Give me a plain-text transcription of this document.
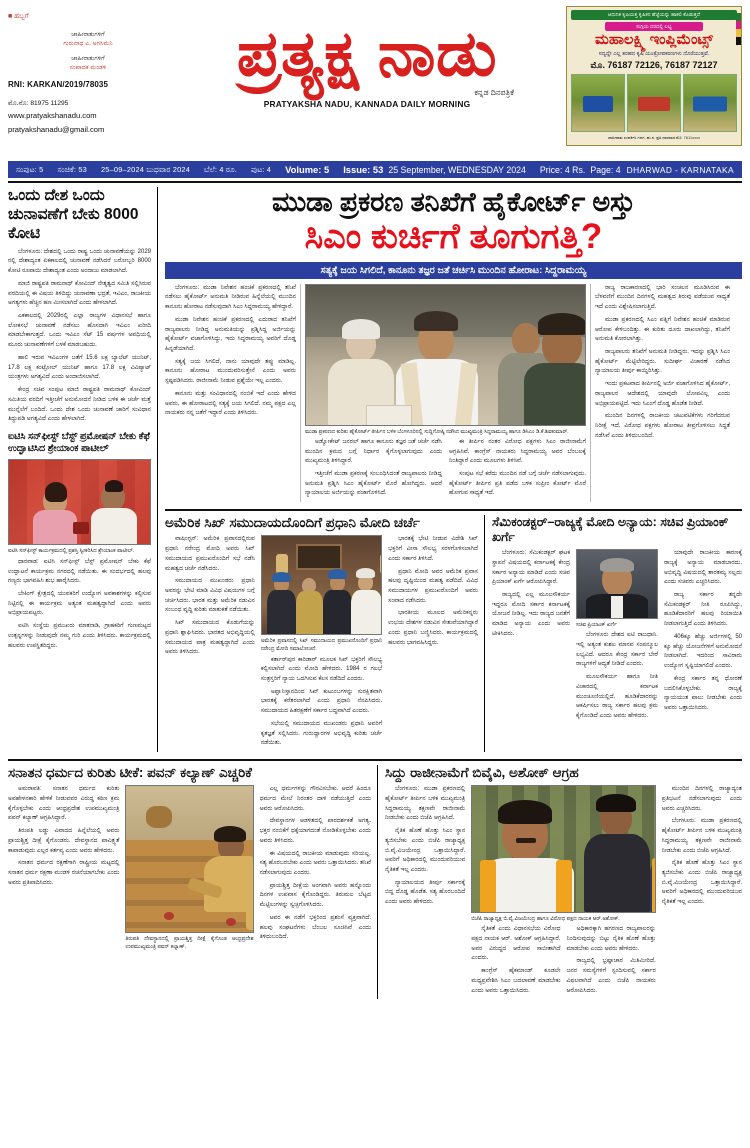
■ ಹಬ್ಬಗೆ
ಜಾಹೀರಾತುಗಳಿಗೆ
ಗುರುನಾಥ ಎ. ಅಗಸಿಮನಿ
ಜಾಹೀರಾತುಗಳಿಗೆ
ಸಂಪಾದಕ ಮಂಡಳಿ
RNI: KARKAN/2019/78035
ಮೊ.ನೊ: 81975 11295
www.pratyakshanadu.com
pratyakshanadu@gmail.com
ಪ್ರತ್ಯಕ್ಷ ನಾಡು
ಕನ್ನಡ ದಿನಪತ್ರಿಕೆ
PRATYAKSHA NADU, KANNADA DAILY MORNING
ಆಧುನಿಕ ಕೃಷಿಯತ್ತ ಕೃಷಿಕನ ಹೆಜ್ಜೆಯನ್ನು ಹಾಕಲಿ ಕೊಡುತ್ತದೆ
ಸುಗ್ಗಿಯ ದರದಲ್ಲಿ ಲಭ್ಯ
ಮಹಾಲಕ್ಷ್ಮಿ ಇಂಪ್ಲಿಮೆಂಟ್ಸ್
ಸದ್ಯದ್ದೇ ಎಲ್ಲ ತರಹದ ಕೃಷಿ ಯಂತ್ರೋಪಕರಣಗಳು ದೊರೆಯುತ್ತವೆ.
ಮೊ. 76187 72126, 76187 72127
ಜಾಹೀರಾತು ಸಂಪರ್ಕಿಸಿ ಗದಗ, ಹು.ನ. ಪ್ರತಿ ಧಾರವಾಡ ಮೊ: 7611xxxx
ಸಂಪುಟ: 5 ಸಂಚಿಕೆ: 53 25–09–2024 ಬುಧವಾರ 2024 ಬೆಲೆ: 4 ರೂ. ಪುಟ: 4 Volume: 5 Issue: 53 25 September, WEDNESDAY 2024 Price: 4 Rs. Page: 4 DHARWAD - KARNATAKA
ಒಂದು ದೇಶ ಒಂದು ಚುನಾವಣೆಗೆ ಬೇಕು 8000 ಕೋಟಿ

ಬೆಂಗಳೂರು: ದೇಶದಲ್ಲಿ ಒಂದು ರಾಷ್ಟ್ರ ಒಂದು ಚುನಾವಣೆಯನ್ನು 2029 ರಲ್ಲಿ ದೇಶಾದ್ಯಂತ ಏಕಕಾಲದಲ್ಲಿ ಚುನಾವಣೆ ನಡೆಸಿದರೆ ಬರೋಬ್ಬರಿ 8000 ಕೋಟಿ ರೂಪಾಯಿ ದೇಶಾದ್ಯಂತ ಎಂದು ಅಂದಾಜು ಮಾಡಲಾಗಿದೆ.

ಮಾಜಿ ರಾಷ್ಟ್ರಪತಿ ರಾಮನಾಥ್ ಕೋವಿಂದ್ ನೇತೃತ್ವದ ಸಮಿತಿ ಸಲ್ಲಿಸಿರುವ ವರದಿಯಲ್ಲಿ ಈ ವಿಷಯ ತಿಳಿದಿದ್ದು ಚುನಾವಣಾ ಭದ್ರತೆ, ಇವಿಎಂ, ರಾಜಕೀಯ ಅಗತ್ಯಗಳು ಹೆಚ್ಚಿನ ಹಣ ಮೀಸಲಾಗಿದೆ ಎಂದು ಹೇಳಲಾಗಿದೆ.

ಎಕಕಾಲದಲ್ಲಿ 2029ರಲ್ಲಿ ಎಲ್ಲಾ ರಾಜ್ಯಗಳ ವಿಧಾನಸಭೆ ಹಾಗೂ ಲೋಕಸಭೆ ಚುನಾವಣೆ ನಡೆಸಲು ಹೊಸದಾಗಿ ಇವಿಎಂ ಖರೀದಿ ಮಾಡಬೇಕಾಗುತ್ತದೆ. ಒಂದು ಇವಿಎಂ ಸೆಟ್ 15 ವರ್ಷಗಳ ಅವಧಿಯಲ್ಲಿ ಮೂರು ಚುನಾವಣೆಗಳಿಗೆ ಬಳಕೆ ಮಾಡಬಹುದು.

ಹಾಲಿ ಇರುವ ಇವಿಎಂಗಳ ಜತೆಗೆ 15.6 ಲಕ್ಷ ಬ್ಯಾಲೆಟ್ ಯುನಿಟ್, 17.8 ಲಕ್ಷ ಕಂಟ್ರೋಲ್ ಯುನಿಟ್ ಹಾಗೂ 17.8 ಲಕ್ಷ ವಿವಿಪ್ಯಾಟ್ ಯಂತ್ರಗಳು ಅಗತ್ಯವಿದೆ ಎಂದು ಅಂದಾಜಿಸಲಾಗಿದೆ.

ಕೇಂದ್ರ ಸಚಿವ ಸಂಪುಟ ಮಾಜಿ ರಾಷ್ಟ್ರಪತಿ ರಾಮನಾಥ್ ಕೋವಿಂದ್ ಸಮಿತಿಯ ವರದಿಗೆ ಇತ್ತೀಚೆಗೆ ಅನುಮೋದನೆ ನೀಡಿದ ಬಳಿಕ ಈ ಚರ್ಚೆ ಮತ್ತೆ ಮುನ್ನೆಲೆಗೆ ಬಂದಿದೆ. ಒಂದು ದೇಶ ಒಂದು ಚುನಾವಣೆ ಜಾರಿಗೆ ಸಂವಿಧಾನ ತಿದ್ದುಪಡಿ ಅಗತ್ಯವಿದೆ ಎಂದು ಹೇಳಲಾಗಿದೆ.

ಐಟಿಸಿ ಸನ್‌ಫೀಸ್ಟ್ ಬೆಸ್ಟ್ ಪ್ರಮೋಷನ್ ಬೇಕು ಕೆಫೆ ಉದ್ಘಾಟಿಸಿದ ಶ್ರೇಯಾಂಕ ಪಾಟೀಲ್
ಐಟಿಸಿ ಸನ್‌ಫೀಸ್ಟ್ ಕಾರ್ಯಕ್ರಮದಲ್ಲಿ ಪ್ರಶಸ್ತಿ ಸ್ವೀಕರಿಸಿದ ಶ್ರೇಯಾಂಕ ಪಾಟೀಲ್.

ಧಾರವಾಡ: ಐಟಿಸಿ ಸನ್‌ಫೀಸ್ಟ್ ಬೆಸ್ಟ್ ಪ್ರಮೋಷನ್ ಬೇಕು ಕೆಫೆ ಉದ್ಘಾಟನೆ ಕಾರ್ಯಕ್ರಮ ನಗರದಲ್ಲಿ ನಡೆಯಿತು. ಈ ಸಂದರ್ಭದಲ್ಲಿ ಹಲವು ಗಣ್ಯರು ಭಾಗವಹಿಸಿ ಶುಭ ಹಾರೈಸಿದರು.

ಬೇಕಿಂಗ್ ಕ್ಷೇತ್ರದಲ್ಲಿ ಯುವಕರಿಗೆ ಉದ್ಯೋಗ ಅವಕಾಶಗಳನ್ನು ಕಲ್ಪಿಸುವ ನಿಟ್ಟಿನಲ್ಲಿ ಈ ಕಾರ್ಯಕ್ರಮ ಅತ್ಯಂತ ಮಹತ್ವದ್ದಾಗಿದೆ ಎಂದು ಅವರು ಅಭಿಪ್ರಾಯಪಟ್ಟರು.

ಐಟಿಸಿ ಸಂಸ್ಥೆಯ ಪ್ರಮುಖರು ಮಾತನಾಡಿ, ಗ್ರಾಹಕರಿಗೆ ಗುಣಮಟ್ಟದ ಉತ್ಪನ್ನಗಳನ್ನು ನೀಡುವುದೇ ನಮ್ಮ ಗುರಿ ಎಂದು ತಿಳಿಸಿದರು. ಕಾರ್ಯಕ್ರಮದಲ್ಲಿ ಹಲವರು ಉಪಸ್ಥಿತರಿದ್ದರು.

ಮುಡಾ ಪ್ರಕರಣ ತನಿಖೆಗೆ ಹೈಕೋರ್ಟ್ ಅಸ್ತು
ಸಿಎಂ ಕುರ್ಚಿಗೆ ತೂಗುಗತ್ತಿ?
ಸತ್ಯಕ್ಕೆ ಜಯ ಸಿಗಲಿದೆ, ಕಾನೂನು ತಜ್ಞರ ಜತೆ ಚರ್ಚಿಸಿ ಮುಂದಿನ ಹೋರಾಟ: ಸಿದ್ದರಾಮಯ್ಯ

ಬೆಂಗಳೂರು: ಮುಡಾ ನಿವೇಶನ ಹಂಚಿಕೆ ಪ್ರಕರಣದಲ್ಲಿ ತನಿಖೆ ನಡೆಸಲು ಹೈಕೋರ್ಟ್ ಅನುಮತಿ ನೀಡಿರುವ ಹಿನ್ನೆಲೆಯಲ್ಲಿ ಮುಂದಿನ ಕಾನೂನು ಹೋರಾಟ ನಡೆಸುವುದಾಗಿ ಸಿಎಂ ಸಿದ್ದರಾಮಯ್ಯ ಹೇಳಿದ್ದಾರೆ.

ಮುಡಾ ನಿವೇಶನ ಹಂಚಿಕೆ ಪ್ರಕರಣದಲ್ಲಿ ಎದುರಾದ ತನಿಖೆಗೆ ರಾಜ್ಯಪಾಲರು ನೀಡಿದ್ದ ಅನುಮತಿಯನ್ನು ಪ್ರಶ್ನಿಸಿದ್ದ ಅರ್ಜಿಯನ್ನು ಹೈಕೋರ್ಟ್ ವಜಾಗೊಳಿಸಿದ್ದು, ಇದು ಸಿದ್ದರಾಮಯ್ಯ ಅವರಿಗೆ ದೊಡ್ಡ ಹಿನ್ನಡೆಯಾಗಿದೆ.

ಸತ್ಯಕ್ಕೆ ಜಯ ಸಿಗಲಿದೆ, ನಾನು ಯಾವುದೇ ತಪ್ಪು ಮಾಡಿಲ್ಲ. ಕಾನೂನು ಹೋರಾಟ ಮುಂದುವರಿಸುತ್ತೇನೆ ಎಂದು ಅವರು ಸ್ಪಷ್ಟಪಡಿಸಿದರು. ರಾಜೀನಾಮೆ ನೀಡುವ ಪ್ರಶ್ನೆಯೇ ಇಲ್ಲ ಎಂದರು.

ಕಾನೂನು ಮತ್ತು ಸಂವಿಧಾನದಲ್ಲಿ ನಂಬಿಕೆ ಇದೆ ಎಂದು ಹೇಳಿದ ಅವರು, ಈ ಹೋರಾಟದಲ್ಲಿ ಸತ್ಯಕ್ಕೆ ಜಯ ಸಿಗಲಿದೆ. ನಮ್ಮ ಪಕ್ಷದ ಎಲ್ಲ ನಾಯಕರು ನನ್ನ ಜತೆಗೆ ಇದ್ದಾರೆ ಎಂದು ತಿಳಿಸಿದರು.

ಮುಡಾ ಪ್ರಕರಣದ ಕುರಿತು ಹೈಕೋರ್ಟ್ ತೀರ್ಪಿನ ಬಳಿಕ ಬೆಂಗಳೂರಿನಲ್ಲಿ ಸುದ್ದಿಗೋಷ್ಠಿ ನಡೆಸಿದ ಮುಖ್ಯಮಂತ್ರಿ ಸಿದ್ದರಾಮಯ್ಯ ಹಾಗೂ ಡಿಸಿಎಂ ಡಿ.ಕೆ.ಶಿವಕುಮಾರ್.

ಅಡ್ವೋಕೇಟ್ ಜನರಲ್ ಹಾಗೂ ಕಾನೂನು ತಜ್ಞರ ಜತೆ ಚರ್ಚೆ ನಡೆಸಿ ಮುಂದಿನ ಕ್ರಮದ ಬಗ್ಗೆ ನಿರ್ಧಾರ ಕೈಗೊಳ್ಳಲಾಗುವುದು ಎಂದು ಮುಖ್ಯಮಂತ್ರಿ ತಿಳಿಸಿದ್ದಾರೆ.

ಇತ್ತೀಚೆಗೆ ಮುಡಾ ಪ್ರಕರಣಕ್ಕೆ ಸಂಬಂಧಿಸಿದಂತೆ ರಾಜ್ಯಪಾಲರು ನೀಡಿದ್ದ ಅನುಮತಿ ಪ್ರಶ್ನಿಸಿ ಸಿಎಂ ಹೈಕೋರ್ಟ್ ಮೊರೆ ಹೋಗಿದ್ದರು. ಆದರೆ ನ್ಯಾಯಾಲಯ ಅರ್ಜಿಯನ್ನು ವಜಾಗೊಳಿಸಿದೆ.

ಈ ತೀರ್ಪಿನ ನಂತರ ವಿರೋಧ ಪಕ್ಷಗಳು ಸಿಎಂ ರಾಜೀನಾಮೆಗೆ ಆಗ್ರಹಿಸಿವೆ. ಕಾಂಗ್ರೆಸ್ ನಾಯಕರು ಸಿದ್ದರಾಮಯ್ಯ ಅವರ ಬೆಂಬಲಕ್ಕೆ ನಿಂತಿದ್ದಾರೆ ಎಂದು ಮೂಲಗಳು ತಿಳಿಸಿವೆ.

ಸಂಪುಟ ಸಭೆ ಕರೆದು ಮುಂದಿನ ನಡೆ ಬಗ್ಗೆ ಚರ್ಚೆ ನಡೆಸಲಾಗುವುದು. ಹೈಕೋರ್ಟ್ ತೀರ್ಪಿನ ಪ್ರತಿ ಪಡೆದ ಬಳಿಕ ಸುಪ್ರೀಂ ಕೋರ್ಟ್ ಮೊರೆ ಹೋಗುವ ಸಾಧ್ಯತೆ ಇದೆ.

ರಾಜ್ಯ ರಾಜಕಾರಣದಲ್ಲಿ ಭಾರಿ ಸಂಚಲನ ಮೂಡಿಸಿರುವ ಈ ಬೆಳವಣಿಗೆ ಮುಂದಿನ ದಿನಗಳಲ್ಲಿ ಮಹತ್ವದ ತಿರುವು ಪಡೆಯುವ ಸಾಧ್ಯತೆ ಇದೆ ಎಂದು ವಿಶ್ಲೇಷಿಸಲಾಗುತ್ತಿದೆ.

ಮುಡಾ ಪ್ರಕರಣದಲ್ಲಿ ಸಿಎಂ ಪತ್ನಿಗೆ ನಿವೇಶನ ಹಂಚಿಕೆ ಮಾಡಿರುವ ಆರೋಪ ಕೇಳಿಬಂದಿತ್ತು. ಈ ಕುರಿತು ದೂರು ದಾಖಲಾಗಿದ್ದು, ತನಿಖೆಗೆ ಅನುಮತಿ ಕೋರಲಾಗಿತ್ತು.

ರಾಜ್ಯಪಾಲರು ತನಿಖೆಗೆ ಅನುಮತಿ ನೀಡಿದ್ದರು. ಇದನ್ನು ಪ್ರಶ್ನಿಸಿ ಸಿಎಂ ಹೈಕೋರ್ಟ್ ಮೆಟ್ಟಿಲೇರಿದ್ದರು. ಸುದೀರ್ಘ ವಿಚಾರಣೆ ನಡೆಸಿದ ನ್ಯಾಯಾಲಯ ತೀರ್ಪು ಕಾಯ್ದಿರಿಸಿತ್ತು.

ಇಂದು ಪ್ರಕಟವಾದ ತೀರ್ಪಿನಲ್ಲಿ ಅರ್ಜಿ ವಜಾಗೊಳಿಸಿದ ಹೈಕೋರ್ಟ್, ರಾಜ್ಯಪಾಲರ ಆದೇಶದಲ್ಲಿ ಯಾವುದೇ ಲೋಪವಿಲ್ಲ ಎಂದು ಅಭಿಪ್ರಾಯಪಟ್ಟಿದೆ. ಇದು ಸಿಎಂಗೆ ದೊಡ್ಡ ಹೊಡೆತ ನೀಡಿದೆ.

ಮುಂದಿನ ದಿನಗಳಲ್ಲಿ ರಾಜಕೀಯ ಚಟುವಟಿಕೆಗಳು ಗರಿಗೆದರುವ ನಿರೀಕ್ಷೆ ಇದೆ. ವಿರೋಧ ಪಕ್ಷಗಳು ಹೋರಾಟ ತೀವ್ರಗೊಳಿಸಲು ಸಿದ್ಧತೆ ನಡೆಸಿವೆ ಎಂದು ತಿಳಿದುಬಂದಿದೆ.

ಅಮೆರಿಕ ಸಿಖ್ ಸಮುದಾಯದೊಂದಿಗೆ ಪ್ರಧಾನಿ ಮೋದಿ ಚರ್ಚೆ

ವಾಷಿಂಗ್ಟನ್: ಅಮೆರಿಕ ಪ್ರವಾಸದಲ್ಲಿರುವ ಪ್ರಧಾನಿ ನರೇಂದ್ರ ಮೋದಿ ಅವರು ಸಿಖ್ ಸಮುದಾಯದ ಪ್ರಮುಖರೊಂದಿಗೆ ಸಭೆ ನಡೆಸಿ ಮಹತ್ವದ ಚರ್ಚೆ ನಡೆಸಿದರು.

ಸಮುದಾಯದ ಮುಖಂಡರು ಪ್ರಧಾನಿ ಅವರನ್ನು ಭೇಟಿ ಮಾಡಿ ವಿವಿಧ ವಿಷಯಗಳ ಬಗ್ಗೆ ಚರ್ಚಿಸಿದರು. ಭಾರತ ಮತ್ತು ಅಮೆರಿಕ ನಡುವಿನ ಸಂಬಂಧ ವೃದ್ಧಿ ಕುರಿತು ಮಾತುಕತೆ ನಡೆಯಿತು.

ಸಿಖ್ ಸಮುದಾಯದ ಕೊಡುಗೆಯನ್ನು ಪ್ರಧಾನಿ ಶ್ಲಾಘಿಸಿದರು. ಭಾರತದ ಅಭಿವೃದ್ಧಿಯಲ್ಲಿ ಸಮುದಾಯದ ಪಾತ್ರ ಮಹತ್ವದ್ದಾಗಿದೆ ಎಂದು ಅವರು ತಿಳಿಸಿದರು.

ಅಮೆರಿಕ ಪ್ರವಾಸದಲ್ಲಿ ಸಿಖ್ ಸಮುದಾಯದ ಪ್ರಮುಖರೊಂದಿಗೆ ಪ್ರಧಾನಿ ನರೇಂದ್ರ ಮೋದಿ ಸಮಾಲೋಚನೆ.

ಕರ್ತಾರ್‌ಪುರ ಕಾರಿಡಾರ್ ಮೂಲಕ ಸಿಖ್ ಭಕ್ತರಿಗೆ ಸೌಲಭ್ಯ ಕಲ್ಪಿಸಲಾಗಿದೆ ಎಂದು ಮೋದಿ ಹೇಳಿದರು. 1984 ರ ಗಲಭೆ ಸಂತ್ರಸ್ತರಿಗೆ ನ್ಯಾಯ ಒದಗಿಸುವ ಕೆಲಸ ನಡೆದಿದೆ ಎಂದರು.

ಅಫ್ಘಾನಿಸ್ತಾನದಿಂದ ಸಿಖ್ ಕುಟುಂಬಗಳನ್ನು ಸುರಕ್ಷಿತವಾಗಿ ಭಾರತಕ್ಕೆ ಕರೆತರಲಾಗಿದೆ ಎಂದು ಪ್ರಧಾನಿ ನೆನಪಿಸಿದರು. ಸಮುದಾಯದ ಹಿತರಕ್ಷಣೆಗೆ ಸರ್ಕಾರ ಬದ್ಧವಾಗಿದೆ ಎಂದರು.

ಸಭೆಯಲ್ಲಿ ಸಮುದಾಯದ ಮುಖಂಡರು ಪ್ರಧಾನಿ ಅವರಿಗೆ ಕೃತಜ್ಞತೆ ಸಲ್ಲಿಸಿದರು. ಗುರುದ್ವಾರಗಳ ಅಭಿವೃದ್ಧಿ ಕುರಿತು ಚರ್ಚೆ ನಡೆಯಿತು.

ಭಾರತಕ್ಕೆ ಭೇಟಿ ನೀಡುವ ವಿದೇಶಿ ಸಿಖ್ ಭಕ್ತರಿಗೆ ವೀಸಾ ಸೌಲಭ್ಯ ಸರಳಗೊಳಿಸಲಾಗಿದೆ ಎಂದು ಸರ್ಕಾರ ತಿಳಿಸಿದೆ.

ಪ್ರಧಾನಿ ಮೋದಿ ಅವರ ಅಮೆರಿಕ ಪ್ರವಾಸ ಹಲವು ದೃಷ್ಟಿಯಿಂದ ಮಹತ್ವ ಪಡೆದಿದೆ. ವಿವಿಧ ಸಮುದಾಯಗಳ ಪ್ರಮುಖರೊಂದಿಗೆ ಅವರು ಸಂವಾದ ನಡೆಸಿದರು.

ಭಾರತೀಯ ಮೂಲದ ಅಮೆರಿಕನ್ನರು ಉಭಯ ದೇಶಗಳ ನಡುವಿನ ಸೇತುವೆಯಾಗಿದ್ದಾರೆ ಎಂದು ಪ್ರಧಾನಿ ಬಣ್ಣಿಸಿದರು. ಕಾರ್ಯಕ್ರಮದಲ್ಲಿ ಹಲವರು ಭಾಗವಹಿಸಿದ್ದರು.

ಸೆಮಿಕಂಡಕ್ಟರ್–ರಾಜ್ಯಕ್ಕೆ ಮೋದಿ ಅನ್ಯಾಯ: ಸಚಿವ ಪ್ರಿಯಾಂಕ್ ಖರ್ಗೆ

ಬೆಂಗಳೂರು: ಸೆಮಿಕಂಡಕ್ಟರ್ ಘಟಕ ಸ್ಥಾಪನೆ ವಿಷಯದಲ್ಲಿ ಕರ್ನಾಟಕಕ್ಕೆ ಕೇಂದ್ರ ಸರ್ಕಾರ ಅನ್ಯಾಯ ಮಾಡಿದೆ ಎಂದು ಸಚಿವ ಪ್ರಿಯಾಂಕ್ ಖರ್ಗೆ ಆರೋಪಿಸಿದ್ದಾರೆ.

ರಾಜ್ಯದಲ್ಲಿ ಎಲ್ಲ ಮೂಲಸೌಕರ್ಯ ಇದ್ದರೂ ಮೋದಿ ಸರ್ಕಾರ ಕರ್ನಾಟಕಕ್ಕೆ ಯೋಜನೆ ನೀಡಿಲ್ಲ. ಇದು ರಾಜ್ಯದ ಜನತೆಗೆ ಮಾಡಿದ ಅನ್ಯಾಯ ಎಂದು ಅವರು ಟೀಕಿಸಿದರು.

ಸಚಿವ ಪ್ರಿಯಾಂಕ್ ಖರ್ಗೆ

ಬೆಂಗಳೂರು ದೇಶದ ಐಟಿ ರಾಜಧಾನಿ. ಇಲ್ಲಿ ಅತ್ಯಂತ ಕುಶಲ ಮಾನವ ಸಂಪನ್ಮೂಲ ಲಭ್ಯವಿದೆ. ಆದರೂ ಕೇಂದ್ರ ಸರ್ಕಾರ ಬೇರೆ ರಾಜ್ಯಗಳಿಗೆ ಆದ್ಯತೆ ನೀಡಿದೆ ಎಂದರು.

ಮೂಲಸೌಕರ್ಯ ಹಾಗೂ ನೀತಿ ವಿಚಾರದಲ್ಲಿ ಕರ್ನಾಟಕ ಮುಂಚೂಣಿಯಲ್ಲಿದೆ. ಹೂಡಿಕೆದಾರರನ್ನು ಆಕರ್ಷಿಸಲು ರಾಜ್ಯ ಸರ್ಕಾರ ಹಲವು ಕ್ರಮ ಕೈಗೊಂಡಿದೆ ಎಂದು ಅವರು ಹೇಳಿದರು.

ಯಾವುದೇ ರಾಜಕೀಯ ಕಾರಣಕ್ಕೆ ರಾಜ್ಯಕ್ಕೆ ಅನ್ಯಾಯ ಮಾಡಬಾರದು. ಅಭಿವೃದ್ಧಿ ವಿಷಯದಲ್ಲಿ ತಾರತಮ್ಯ ಸಲ್ಲದು ಎಂದು ಸಚಿವರು ಎಚ್ಚರಿಸಿದರು.

ರಾಜ್ಯ ಸರ್ಕಾರ ತನ್ನದೇ ಸೆಮಿಕಂಡಕ್ಟರ್ ನೀತಿ ರೂಪಿಸಿದ್ದು, ಹೂಡಿಕೆದಾರರಿಗೆ ಹಲವು ರಿಯಾಯಿತಿ ನೀಡಲಾಗುತ್ತಿದೆ ಎಂದು ತಿಳಿಸಿದರು.

406ಕ್ಕೂ ಹೆಚ್ಚು ಅರ್ಜಿಗಳಲ್ಲಿ 50 ಕ್ಕೂ ಹೆಚ್ಚು ಯೋಜನೆಗಳಿಗೆ ಅನುಮೋದನೆ ನೀಡಲಾಗಿದೆ. ಇದರಿಂದ ಸಾವಿರಾರು ಉದ್ಯೋಗ ಸೃಷ್ಟಿಯಾಗಲಿದೆ ಎಂದರು.

ಕೇಂದ್ರ ಸರ್ಕಾರ ತನ್ನ ಧೋರಣೆ ಬದಲಿಸಿಕೊಳ್ಳಬೇಕು. ರಾಜ್ಯಕ್ಕೆ ನ್ಯಾಯಯುತ ಪಾಲು ನೀಡಬೇಕು ಎಂದು ಅವರು ಒತ್ತಾಯಿಸಿದರು.

ಸನಾತನ ಧರ್ಮದ ಕುರಿತು ಟೀಕೆ: ಪವನ್ ಕಲ್ಯಾಣ್ ಎಚ್ಚರಿಕೆ

ಅಮರಾವತಿ: ಸನಾತನ ಧರ್ಮದ ಕುರಿತು ಅವಹೇಳನಕಾರಿ ಹೇಳಿಕೆ ನೀಡುವವರ ವಿರುದ್ಧ ಕಠಿಣ ಕ್ರಮ ಕೈಗೊಳ್ಳಬೇಕು ಎಂದು ಆಂಧ್ರಪ್ರದೇಶ ಉಪಮುಖ್ಯಮಂತ್ರಿ ಪವನ್ ಕಲ್ಯಾಣ್ ಆಗ್ರಹಿಸಿದ್ದಾರೆ.

ತಿರುಪತಿ ಲಡ್ಡು ವಿವಾದದ ಹಿನ್ನೆಲೆಯಲ್ಲಿ ಅವರು ಪ್ರಾಯಶ್ಚಿತ್ತ ದೀಕ್ಷೆ ಕೈಗೊಂಡರು. ದೇವಸ್ಥಾನದ ಪಾವಿತ್ರ್ಯತೆ ಕಾಪಾಡುವುದು ಎಲ್ಲರ ಕರ್ತವ್ಯ ಎಂದು ಅವರು ಹೇಳಿದರು.

ಸನಾತನ ಧರ್ಮದ ರಕ್ಷಣೆಗಾಗಿ ರಾಷ್ಟ್ರೀಯ ಮಟ್ಟದಲ್ಲಿ ಸನಾತನ ಧರ್ಮ ರಕ್ಷಣಾ ಮಂಡಳಿ ರಚನೆಯಾಗಬೇಕು ಎಂದು ಅವರು ಪ್ರತಿಪಾದಿಸಿದರು.

ತಿರುಪತಿ ದೇವಸ್ಥಾನದಲ್ಲಿ ಪ್ರಾಯಶ್ಚಿತ್ತ ದೀಕ್ಷೆ ಕೈಗೊಂಡ ಆಂಧ್ರಪ್ರದೇಶ ಉಪಮುಖ್ಯಮಂತ್ರಿ ಪವನ್ ಕಲ್ಯಾಣ್.

ಎಲ್ಲ ಧರ್ಮಗಳನ್ನು ಗೌರವಿಸಬೇಕು. ಆದರೆ ಹಿಂದೂ ಧರ್ಮದ ಮೇಲೆ ನಿರಂತರ ದಾಳಿ ನಡೆಯುತ್ತಿದೆ ಎಂದು ಅವರು ಆರೋಪಿಸಿದರು.

ದೇವಸ್ಥಾನಗಳ ಆಡಳಿತದಲ್ಲಿ ಪಾರದರ್ಶಕತೆ ಅಗತ್ಯ. ಭಕ್ತರ ನಂಬಿಕೆಗೆ ಧಕ್ಕೆಯಾಗದಂತೆ ನೋಡಿಕೊಳ್ಳಬೇಕು ಎಂದು ಅವರು ತಿಳಿಸಿದರು.

ಈ ವಿಷಯದಲ್ಲಿ ರಾಜಕೀಯ ಮಾಡುವುದು ಸರಿಯಲ್ಲ. ಸತ್ಯ ಹೊರಬರಬೇಕು ಎಂದು ಅವರು ಒತ್ತಾಯಿಸಿದರು. ತನಿಖೆ ನಡೆಸಲಾಗುವುದು ಎಂದರು.

ಪ್ರಾಯಶ್ಚಿತ್ತ ದೀಕ್ಷೆಯ ಅಂಗವಾಗಿ ಅವರು ಹನ್ನೊಂದು ದಿನಗಳ ಉಪವಾಸ ಕೈಗೊಂಡಿದ್ದರು. ತಿರುಮಲ ಬೆಟ್ಟದ ಮೆಟ್ಟಿಲುಗಳನ್ನು ಸ್ವಚ್ಛಗೊಳಿಸಿದರು.

ಅವರ ಈ ನಡೆಗೆ ಭಕ್ತರಿಂದ ಪ್ರಶಂಸೆ ವ್ಯಕ್ತವಾಗಿದೆ. ಹಲವು ಸಂಘಟನೆಗಳು ಬೆಂಬಲ ಸೂಚಿಸಿವೆ ಎಂದು ತಿಳಿದುಬಂದಿದೆ.

ಸಿದ್ದು ರಾಜೀನಾಮೆಗೆ ಬಿವೈವಿ, ಅಶೋಕ್ ಆಗ್ರಹ

ಬೆಂಗಳೂರು: ಮುಡಾ ಪ್ರಕರಣದಲ್ಲಿ ಹೈಕೋರ್ಟ್ ತೀರ್ಪಿನ ಬಳಿಕ ಮುಖ್ಯಮಂತ್ರಿ ಸಿದ್ದರಾಮಯ್ಯ ತಕ್ಷಣವೇ ರಾಜೀನಾಮೆ ನೀಡಬೇಕು ಎಂದು ಬಿಜೆಪಿ ಆಗ್ರಹಿಸಿದೆ.

ನೈತಿಕ ಹೊಣೆ ಹೊತ್ತು ಸಿಎಂ ಸ್ಥಾನ ತ್ಯಜಿಸಬೇಕು ಎಂದು ಬಿಜೆಪಿ ರಾಜ್ಯಾಧ್ಯಕ್ಷ ಬಿ.ವೈ.ವಿಜಯೇಂದ್ರ ಒತ್ತಾಯಿಸಿದ್ದಾರೆ. ಅವರಿಗೆ ಅಧಿಕಾರದಲ್ಲಿ ಮುಂದುವರಿಯುವ ನೈತಿಕತೆ ಇಲ್ಲ ಎಂದರು.

ನ್ಯಾಯಾಲಯದ ತೀರ್ಪು ಸರ್ಕಾರಕ್ಕೆ ಬಿದ್ದ ದೊಡ್ಡ ಹೊಡೆತ. ಸತ್ಯ ಹೊರಬಂದಿದೆ ಎಂದು ಅವರು ಹೇಳಿದರು.

ಬಿಜೆಪಿ ರಾಜ್ಯಾಧ್ಯಕ್ಷ ಬಿ.ವೈ.ವಿಜಯೇಂದ್ರ ಹಾಗೂ ವಿರೋಧ ಪಕ್ಷದ ನಾಯಕ ಆರ್.ಅಶೋಕ್.

ನೈತಿಕತೆ ಎಂದು ವಿಧಾನಸಭೆಯ ವಿರೋಧ ಪಕ್ಷದ ನಾಯಕ ಆರ್. ಅಶೋಕ್ ಆಗ್ರಹಿಸಿದ್ದಾರೆ. ಅವರ ವಿರುದ್ಧದ ಆರೋಪ ಸಾಬೀತಾಗಿದೆ ಎಂದರು.

ಕಾಂಗ್ರೆಸ್ ಹೈಕಮಾಂಡ್ ಕೂಡಲೇ ಮಧ್ಯಪ್ರವೇಶಿಸಿ ಸಿಎಂ ಬದಲಾವಣೆ ಮಾಡಬೇಕು ಎಂದು ಅವರು ಒತ್ತಾಯಿಸಿದರು.

ಅಧಿಕಾರಕ್ಕಾಗಿ ಹಗರಣದ ರಾಜ್ಯಪಾಲರನ್ನು ನಿಂದಿಸುವುದನ್ನು ಬಿಟ್ಟು ನೈತಿಕ ಹೊಣೆ ಹೊತ್ತು ಮಾಡಬೇಕು ಎಂದು ಅವರು ಹೇಳಿದರು.

ರಾಜ್ಯದಲ್ಲಿ ಭ್ರಷ್ಟಾಚಾರ ಮಿತಿಮೀರಿದೆ. ಜನರ ಸಮಸ್ಯೆಗಳಿಗೆ ಸ್ಪಂದಿಸುವಲ್ಲಿ ಸರ್ಕಾರ ವಿಫಲವಾಗಿದೆ ಎಂದು ಬಿಜೆಪಿ ನಾಯಕರು ಆರೋಪಿಸಿದರು.

ಮುಂದಿನ ದಿನಗಳಲ್ಲಿ ರಾಜ್ಯಾದ್ಯಂತ ಪ್ರತಿಭಟನೆ ನಡೆಸಲಾಗುವುದು ಎಂದು ಅವರು ಎಚ್ಚರಿಸಿದರು.

ಬೆಂಗಳೂರು: ಮುಡಾ ಪ್ರಕರಣದಲ್ಲಿ ಹೈಕೋರ್ಟ್ ತೀರ್ಪಿನ ಬಳಿಕ ಮುಖ್ಯಮಂತ್ರಿ ಸಿದ್ದರಾಮಯ್ಯ ತಕ್ಷಣವೇ ರಾಜೀನಾಮೆ ನೀಡಬೇಕು ಎಂದು ಬಿಜೆಪಿ ಆಗ್ರಹಿಸಿದೆ.

ನೈತಿಕ ಹೊಣೆ ಹೊತ್ತು ಸಿಎಂ ಸ್ಥಾನ ತ್ಯಜಿಸಬೇಕು ಎಂದು ಬಿಜೆಪಿ ರಾಜ್ಯಾಧ್ಯಕ್ಷ ಬಿ.ವೈ.ವಿಜಯೇಂದ್ರ ಒತ್ತಾಯಿಸಿದ್ದಾರೆ. ಅವರಿಗೆ ಅಧಿಕಾರದಲ್ಲಿ ಮುಂದುವರಿಯುವ ನೈತಿಕತೆ ಇಲ್ಲ ಎಂದರು.
